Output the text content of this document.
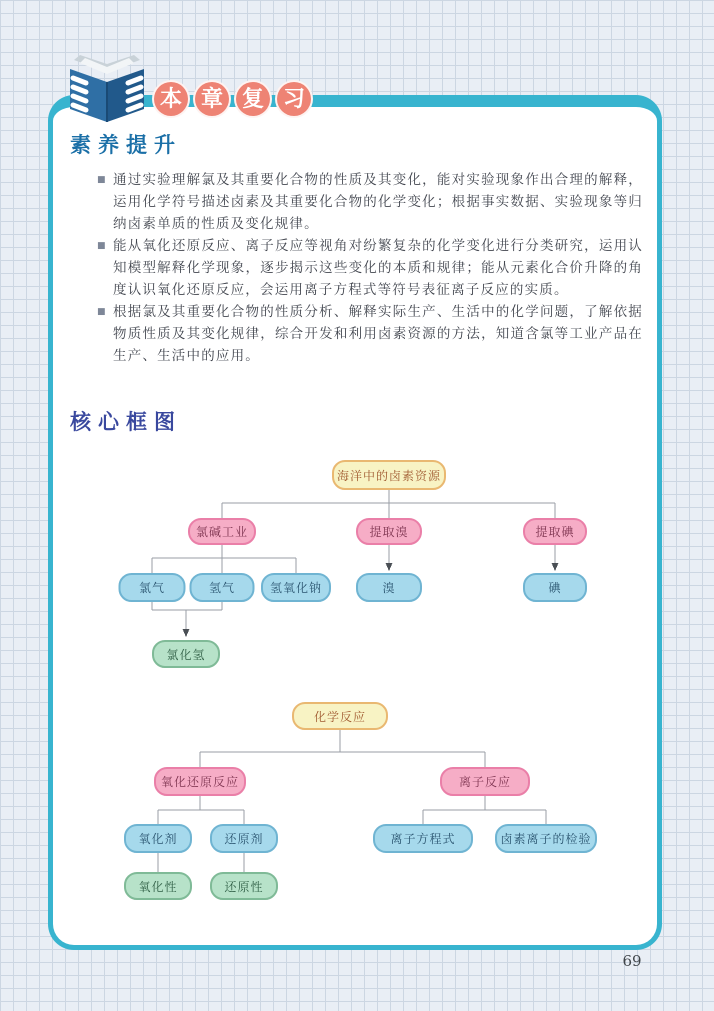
本 章 复 习
素养提升
■ 通过实验理解氯及其重要化合物的性质及其变化，能对实验现象作出合理的解释，运用化学符号描述卤素及其重要化合物的化学变化；根据事实数据、实验现象等归纳卤素单质的性质及变化规律。
■ 能从氧化还原反应、离子反应等视角对纷繁复杂的化学变化进行分类研究，运用认知模型解释化学现象，逐步揭示这些变化的本质和规律；能从元素化合价升降的角度认识氧化还原反应，会运用离子方程式等符号表征离子反应的实质。
■ 根据氯及其重要化合物的性质分析、解释实际生产、生活中的化学问题，了解依据物质性质及其变化规律，综合开发和利用卤素资源的方法，知道含氯等工业产品在生产、生活中的应用。
核心框图
海洋中的卤素资源
氯碱工业	提取溴	提取碘
氯气	氢气	氢氧化钠	溴	碘
氯化氢
化学反应
氧化还原反应	离子反应
氧化剂	还原剂	离子方程式	卤素离子的检验
氧化性	还原性
69
